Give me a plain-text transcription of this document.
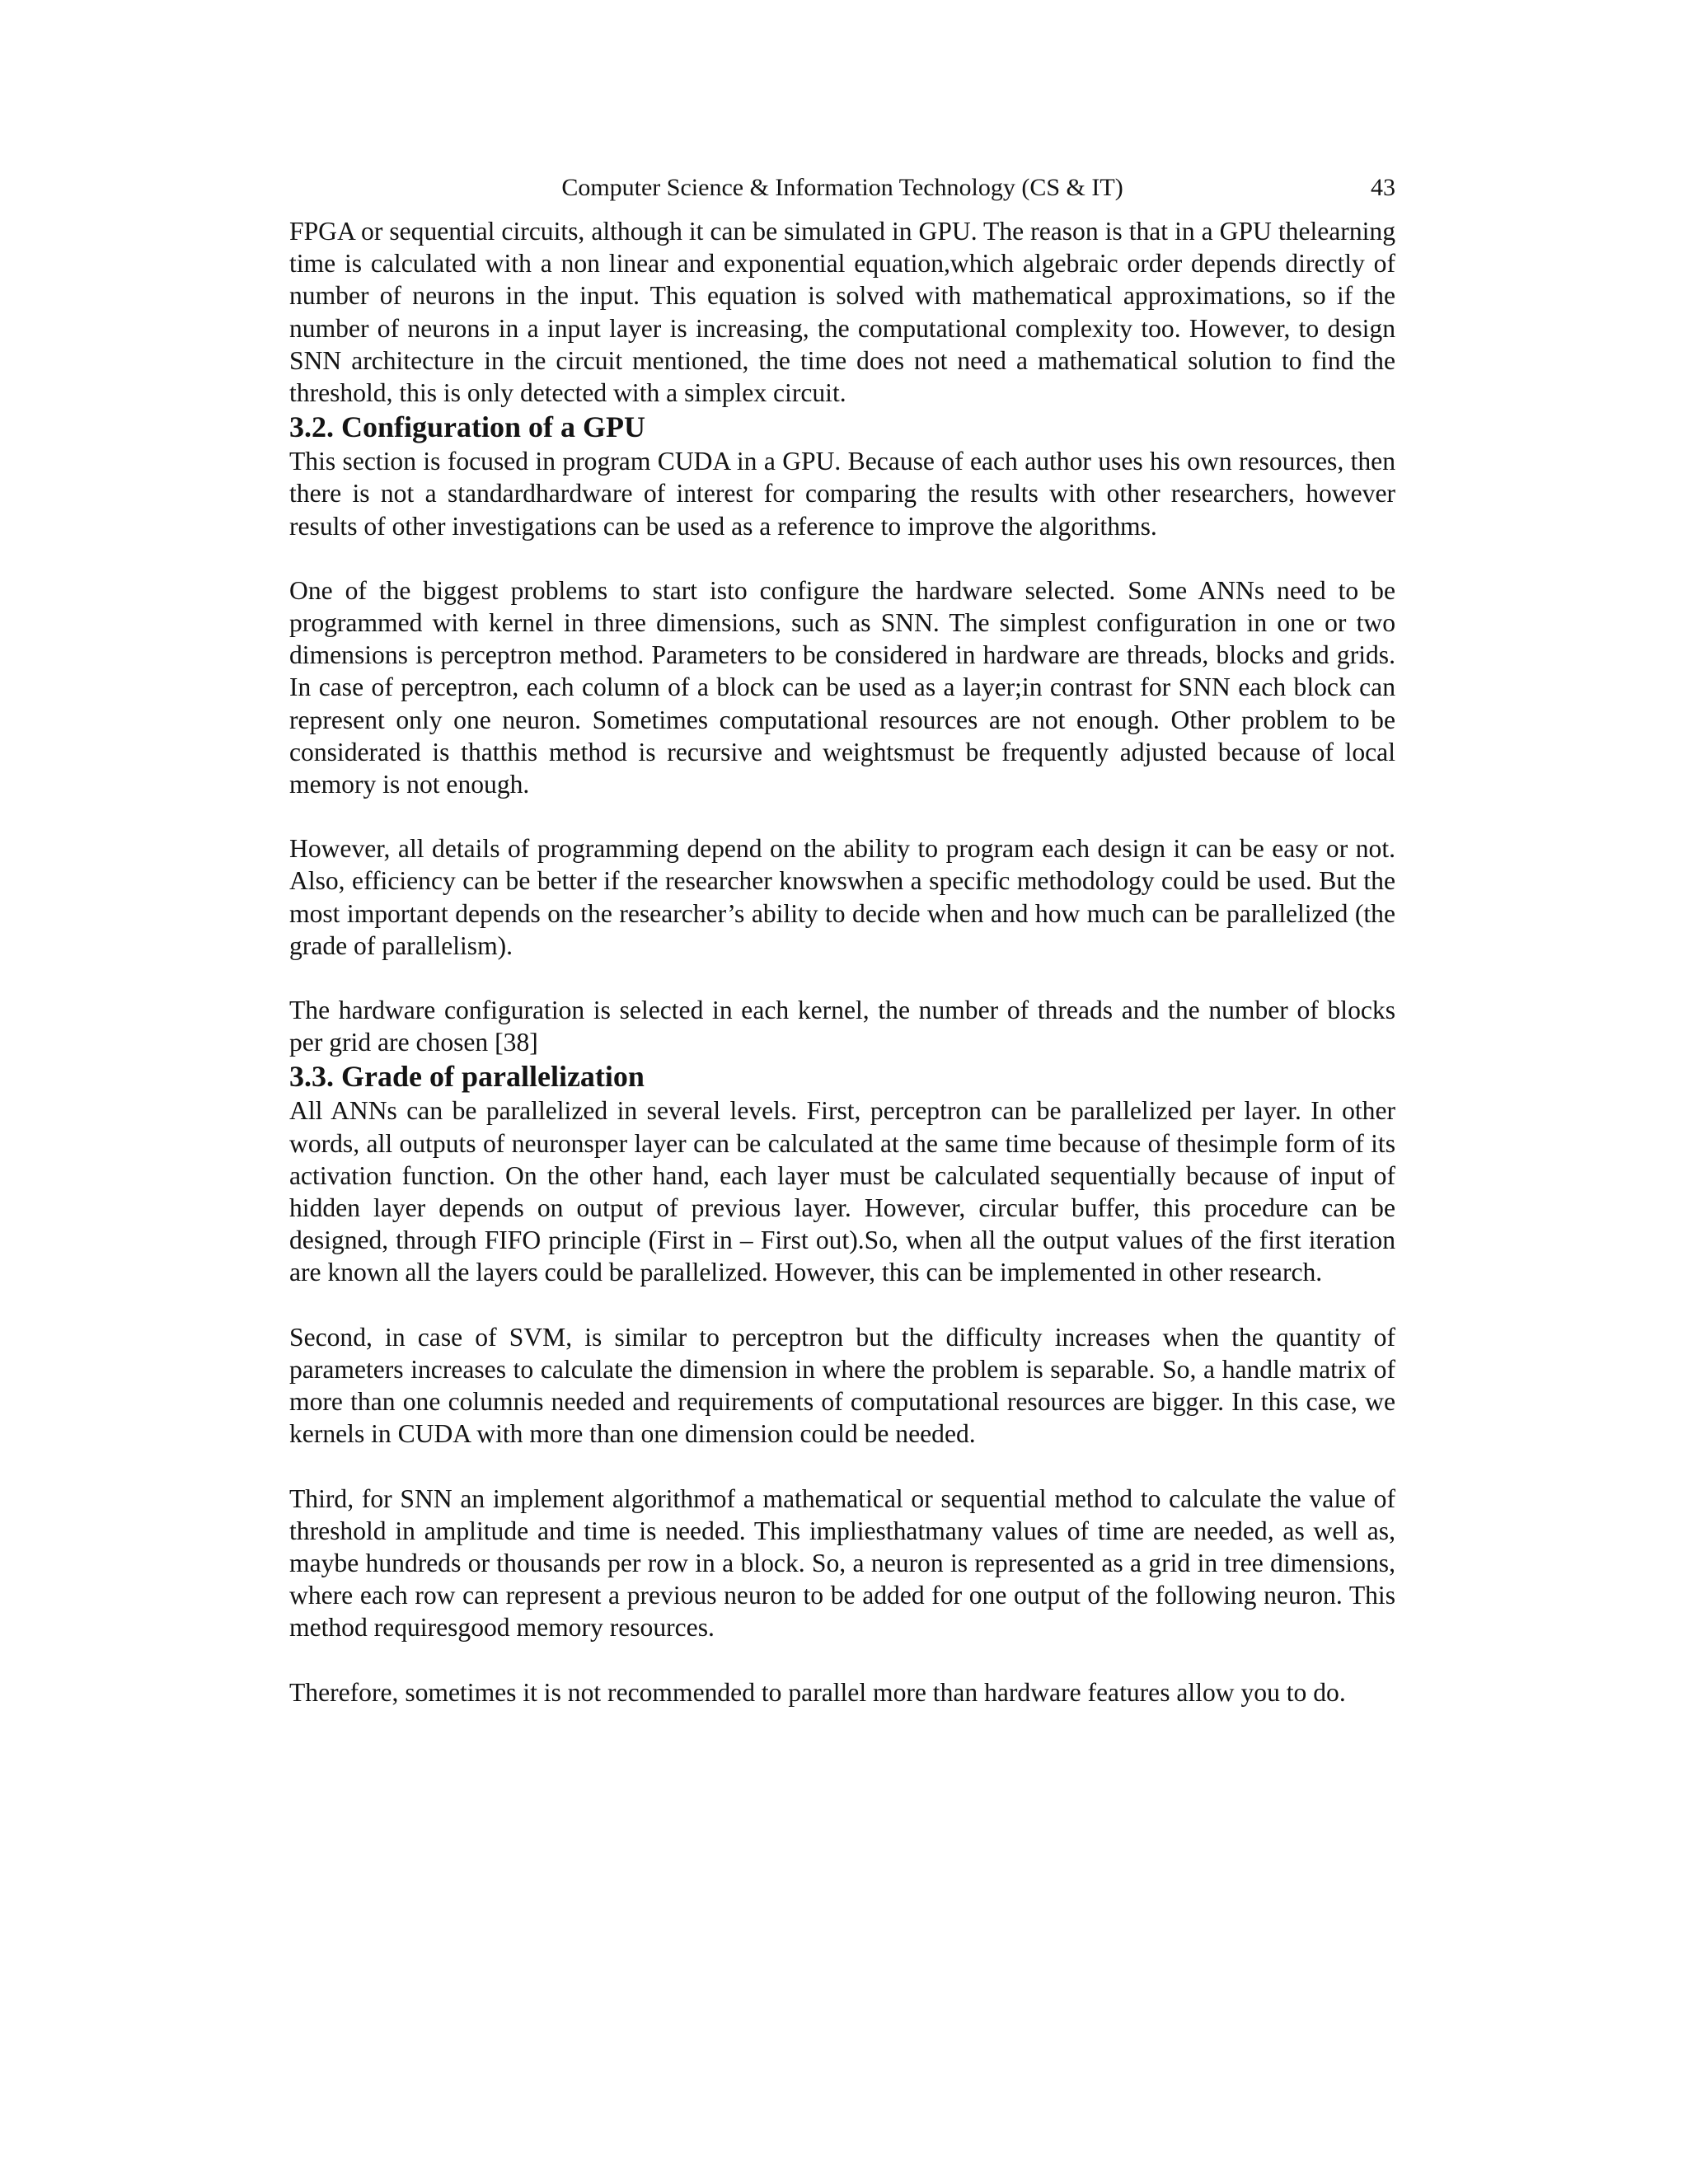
Computer Science & Information Technology (CS & IT)	43

FPGA or sequential circuits, although it can be simulated in GPU. The reason is that in a GPU thelearning time is calculated with a non linear and exponential equation,which algebraic order depends directly of number of neurons in the input. This equation is solved with mathematical approximations, so if the number of neurons in a input layer is increasing, the computational complexity too. However, to design SNN architecture in the circuit mentioned, the time does not need a mathematical solution to find the threshold, this is only detected with a simplex circuit.

3.2. Configuration of a GPU

This section is focused in program CUDA in a GPU. Because of each author uses his own resources, then there is not a standardhardware of interest for comparing the results with other researchers, however results of other investigations can be used as a reference to improve the algorithms.

One of the biggest problems to start isto configure the hardware selected. Some ANNs need to be programmed with kernel in three dimensions, such as SNN. The simplest configuration in one or two dimensions is perceptron method. Parameters to be considered in hardware are threads, blocks and grids. In case of perceptron, each column of a block can be used as a layer;in contrast for SNN each block can represent only one neuron. Sometimes computational resources are not enough. Other problem to be considerated is thatthis method is recursive and weightsmust be frequently adjusted because of local memory is not enough.

However, all details of programming depend on the ability to program each design it can be easy or not. Also, efficiency can be better if the researcher knowswhen a specific methodology could be used. But the most important depends on the researcher’s ability to decide when and how much can be parallelized (the grade of parallelism).

The hardware configuration is selected in each kernel, the number of threads and the number of blocks per grid are chosen [38]

3.3. Grade of parallelization

All ANNs can be parallelized in several levels. First, perceptron can be parallelized per layer. In other words, all outputs of neuronsper layer can be calculated at the same time because of thesimple form of its activation function. On the other hand, each layer must be calculated sequentially because of input of hidden layer depends on output of previous layer. However, circular buffer, this procedure can be designed, through FIFO principle (First in – First out).So, when all the output values of the first iteration are known all the layers could be parallelized. However, this can be implemented in other research.

Second, in case of SVM, is similar to perceptron but the difficulty increases when the quantity of parameters increases to calculate the dimension in where the problem is separable. So, a handle matrix of more than one columnis needed and requirements of computational resources are bigger. In this case, we kernels in CUDA with more than one dimension could be needed.

Third, for SNN an implement algorithmof a mathematical or sequential method to calculate the value of threshold in amplitude and time is needed. This impliesthatmany values of time are needed, as well as, maybe hundreds or thousands per row in a block. So, a neuron is represented as a grid in tree dimensions, where each row can represent a previous neuron to be added for one output of the following neuron. This method requiresgood memory resources.

Therefore, sometimes it is not recommended to parallel more than hardware features allow you to do.
